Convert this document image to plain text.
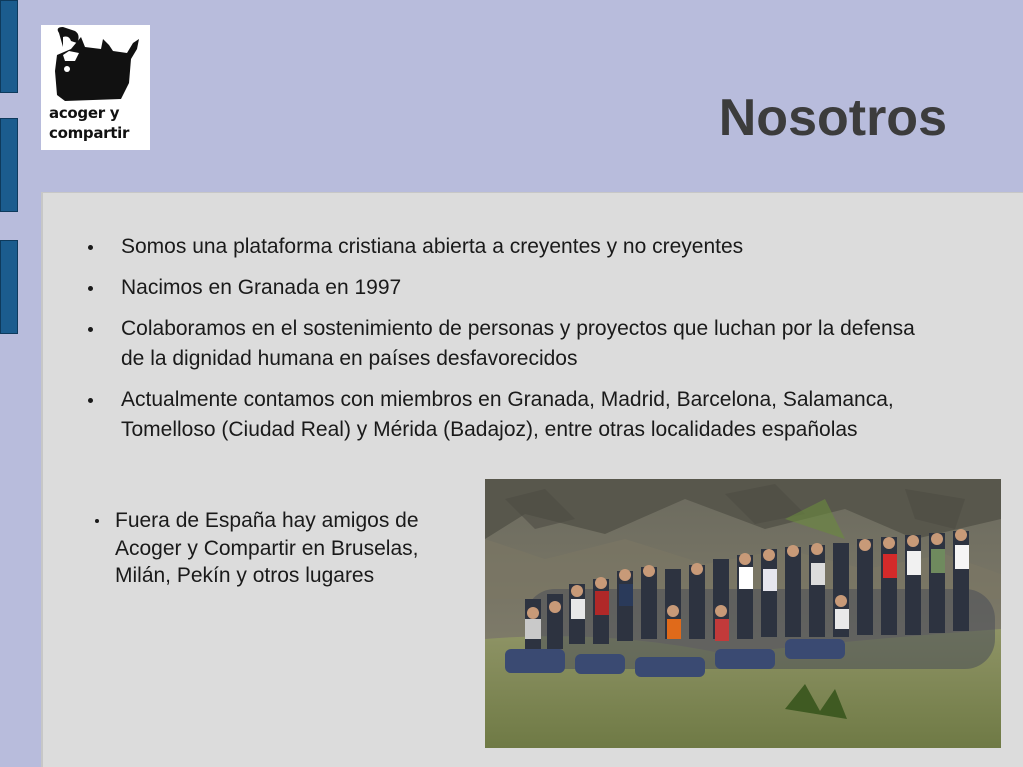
acoger y
compartir	Nosotros
Somos una plataforma cristiana abierta a creyentes y no creyentes
Nacimos en Granada en 1997
Colaboramos en el sostenimiento de personas y proyectos que luchan por la defensa de la dignidad humana en países desfavorecidos
Actualmente contamos con miembros en Granada, Madrid, Barcelona, Salamanca, Tomelloso (Ciudad Real) y Mérida (Badajoz), entre otras localidades españolas
Fuera de España hay amigos de Acoger y Compartir en Bruselas, Milán, Pekín y otros lugares
